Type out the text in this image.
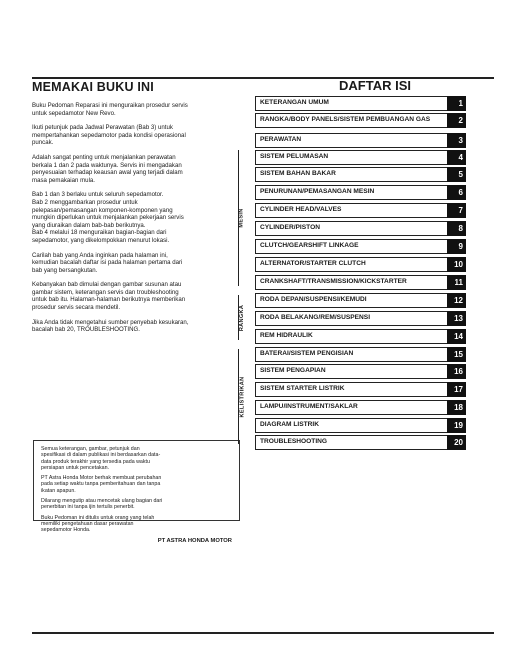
MEMAKAI BUKU INI
Buku Pedoman Reparasi ini menguraikan prosedur servis
untuk sepedamotor New Revo.
Ikuti petunjuk pada Jadwal Perawatan (Bab 3) untuk
mempertahankan sepedamotor pada kondisi operasional
puncak.
Adalah sangat penting untuk menjalankan perawatan
berkala 1 dan 2 pada waktunya. Servis ini mengadakan
penyesuaian terhadap keausan awal yang terjadi dalam
masa pemakaian mula.
Bab 1 dan 3 berlaku untuk seluruh sepedamotor.
Bab 2 menggambarkan prosedur untuk
pelepasan/pemasangan komponen-komponen yang
mungkin diperlukan untuk menjalankan pekerjaan servis
yang diuraikan dalam bab-bab berikutnya.
Bab 4 melalui 18 menguraikan bagian-bagian dari
sepedamotor, yang dikelompokkan menurut lokasi.
Carilah bab yang Anda inginkan pada halaman ini,
kemudian bacalah daftar isi pada halaman pertama dari
bab yang bersangkutan.
Kebanyakan bab dimulai dengan gambar susunan atau
gambar sistem, keterangan servis dan troubleshooting
untuk bab itu. Halaman-halaman berikutnya memberikan
prosedur servis secara mendetil.
Jika Anda tidak mengetahui sumber penyebab kesukaran,
bacalah bab 20, TROUBLESHOOTING.
Semua keterangan, gambar, petunjuk dan
spesifikasi di dalam publikasi ini berdasarkan data-
data produk terakhir yang tersedia pada waktu
persiapan untuk pencetakan.
PT Astra Honda Motor berhak membuat perubahan
pada setiap waktu tanpa pemberitahuan dan tanpa
ikatan apapun.
Dilarang mengutip atau mencetak ulang bagian dari
penerbitan ini tanpa ijin tertulis penerbit.
Buku Pedoman ini ditulis untuk orang yang telah
memiliki pengetahuan dasar perawatan
sepedamotor Honda.
PT ASTRA HONDA MOTOR
DAFTAR ISI
KETERANGAN UMUM	1
RANGKA/BODY PANELS/SISTEM PEMBUANGAN GAS	2
PERAWATAN	3
SISTEM PELUMASAN	4
SISTEM BAHAN BAKAR	5
PENURUNAN/PEMASANGAN MESIN	6
CYLINDER HEAD/VALVES	7
CYLINDER/PISTON	8
CLUTCH/GEARSHIFT LINKAGE	9
ALTERNATOR/STARTER CLUTCH	10
CRANKSHAFT/TRANSMISSION/KICKSTARTER	11
RODA DEPAN/SUSPENSI/KEMUDI	12
RODA BELAKANG/REM/SUSPENSI	13
REM HIDRAULIK	14
BATERAI/SISTEM PENGISIAN	15
SISTEM PENGAPIAN	16
SISTEM STARTER LISTRIK	17
LAMPU/INSTRUMENT/SAKLAR	18
DIAGRAM LISTRIK	19
TROUBLESHOOTING	20
MESIN
RANGKA
KELISTRIKAN
